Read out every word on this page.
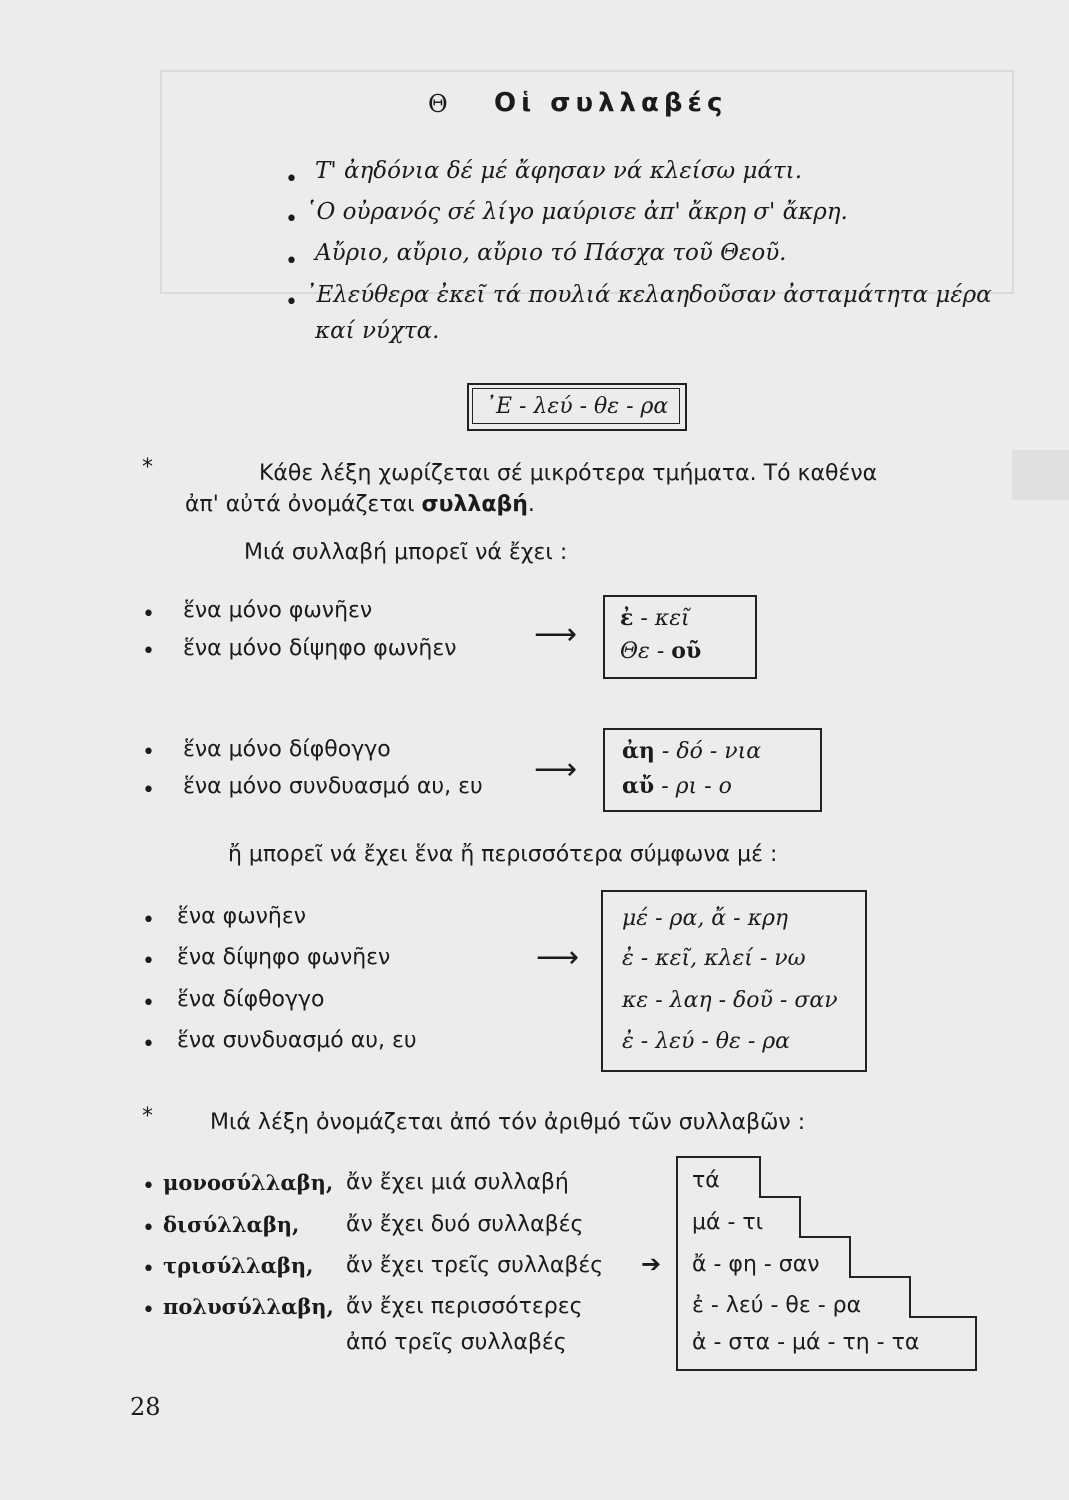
Θ Οἱ συλλαβές
• Τ' ἀηδόνια δέ μέ ἄφησαν νά κλείσω μάτι.
• ῾Ο οὐρανός σέ λίγο μαύρισε ἀπ' ἄκρη σ' ἄκρη.
• Αὔριο, αὔριο, αὔριο τό Πάσχα τοῦ Θεοῦ.
• ᾿Ελεύθερα ἐκεῖ τά πουλιά κελαηδοῦσαν ἀσταμάτητα μέρα
καί νύχτα.
᾿Ε - λεύ - θε - ρα
*	Κάθε λέξη χωρίζεται σέ μικρότερα τμήματα. Τό καθένα
ἀπ' αὐτά ὀνομάζεται συλλαβή.
Μιά συλλαβή μπορεῖ νά ἔχει :
• ἕνα μόνο φωνῆεν
• ἕνα μόνο δίψηφο φωνῆεν	⟶ ἐ - κεῖ
Θε - οῦ
• ἕνα μόνο δίφθογγο
• ἕνα μόνο συνδυασμό αυ, ευ ⟶
ἀη - δό - νια
αὔ - ρι - ο
ἤ μπορεῖ νά ἔχει ἕνα ἤ περισσότερα σύμφωνα μέ :
• ἕνα φωνῆεν
• ἕνα δίψηφο φωνῆεν
• ἕνα δίφθογγο
• ἕνα συνδυασμό αυ, ευ
⟶
μέ - ρα, ἄ - κρη
ἐ - κεῖ, κλεί - νω
κε - λαη - δοῦ - σαν
ἐ - λεύ - θε - ρα
*	Μιά λέξη ὀνομάζεται ἀπό τόν ἀριθμό τῶν συλλαβῶν :
• μονοσύλλαβη, ἄν ἔχει μιά συλλαβή
• δισύλλαβη, ἄν ἔχει δυό συλλαβές
• τρισύλλαβη, ἄν ἔχει τρεῖς συλλαβές ➔
• πολυσύλλαβη, ἄν ἔχει περισσότερες
ἀπό τρεῖς συλλαβές
τά
μά - τι
ἄ - φη - σαν
ἐ - λεύ - θε - ρα
ἀ - στα - μά - τη - τα
28
